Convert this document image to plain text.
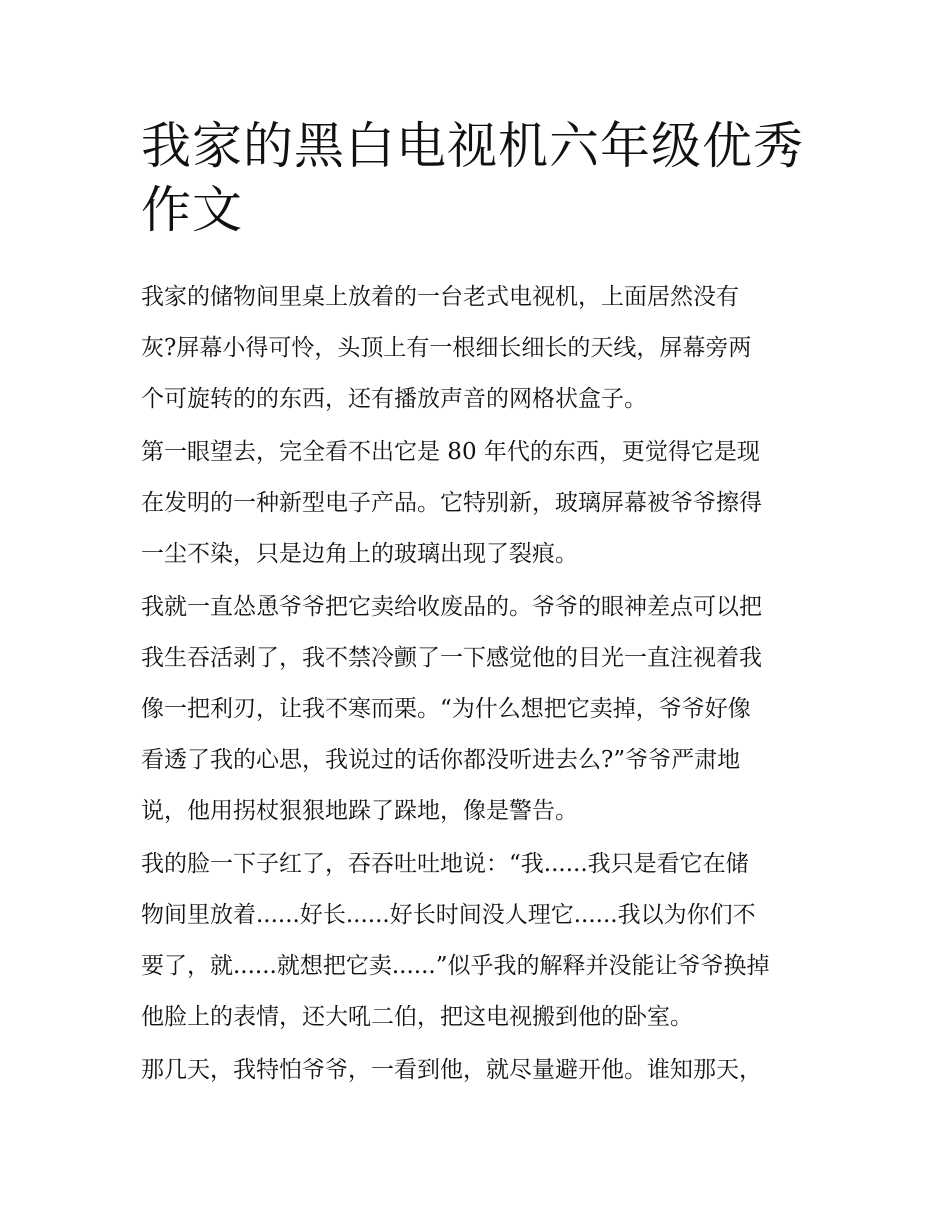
我家的黑白电视机六年级优秀
作文
我家的储物间里桌上放着的一台老式电视机，上面居然没有
灰?屏幕小得可怜，头顶上有一根细长细长的天线，屏幕旁两
个可旋转的的东西，还有播放声音的网格状盒子。
第一眼望去，完全看不出它是 80 年代的东西，更觉得它是现
在发明的一种新型电子产品。它特别新，玻璃屏幕被爷爷擦得
一尘不染，只是边角上的玻璃出现了裂痕。
我就一直怂恿爷爷把它卖给收废品的。爷爷的眼神差点可以把
我生吞活剥了，我不禁冷颤了一下感觉他的目光一直注视着我
像一把利刃，让我不寒而栗。“为什么想把它卖掉，爷爷好像
看透了我的心思，我说过的话你都没听进去么?”爷爷严肃地
说，他用拐杖狠狠地跺了跺地，像是警告。
我的脸一下子红了，吞吞吐吐地说：“我......我只是看它在储
物间里放着......好长......好长时间没人理它......我以为你们不
要了，就......就想把它卖......”似乎我的解释并没能让爷爷换掉
他脸上的表情，还大吼二伯，把这电视搬到他的卧室。
那几天，我特怕爷爷，一看到他，就尽量避开他。谁知那天，
